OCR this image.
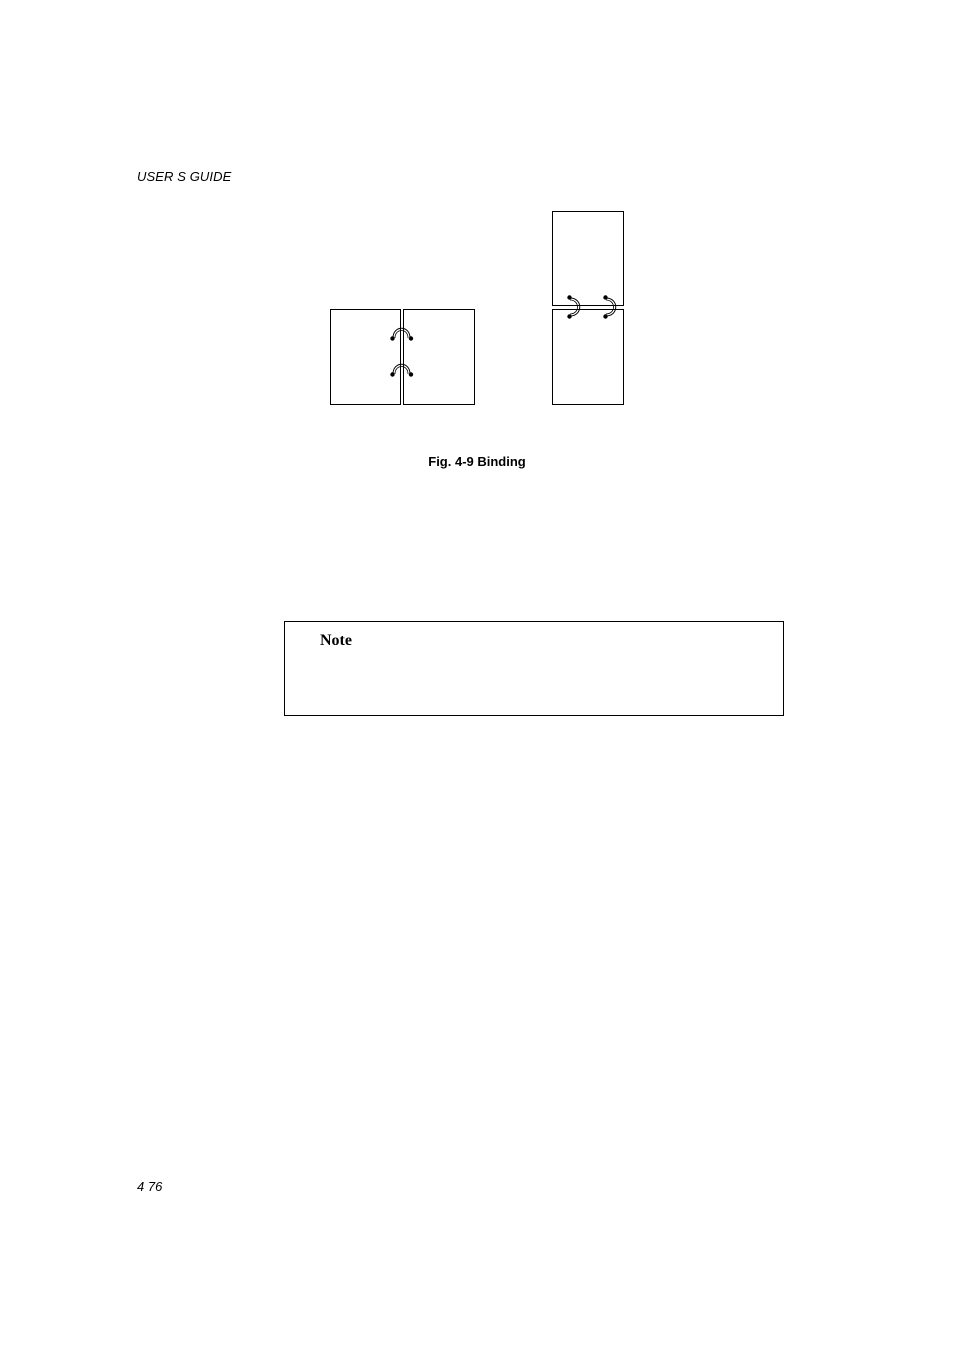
USER S GUIDE
Fig. 4-9 Binding
Note
4 76
